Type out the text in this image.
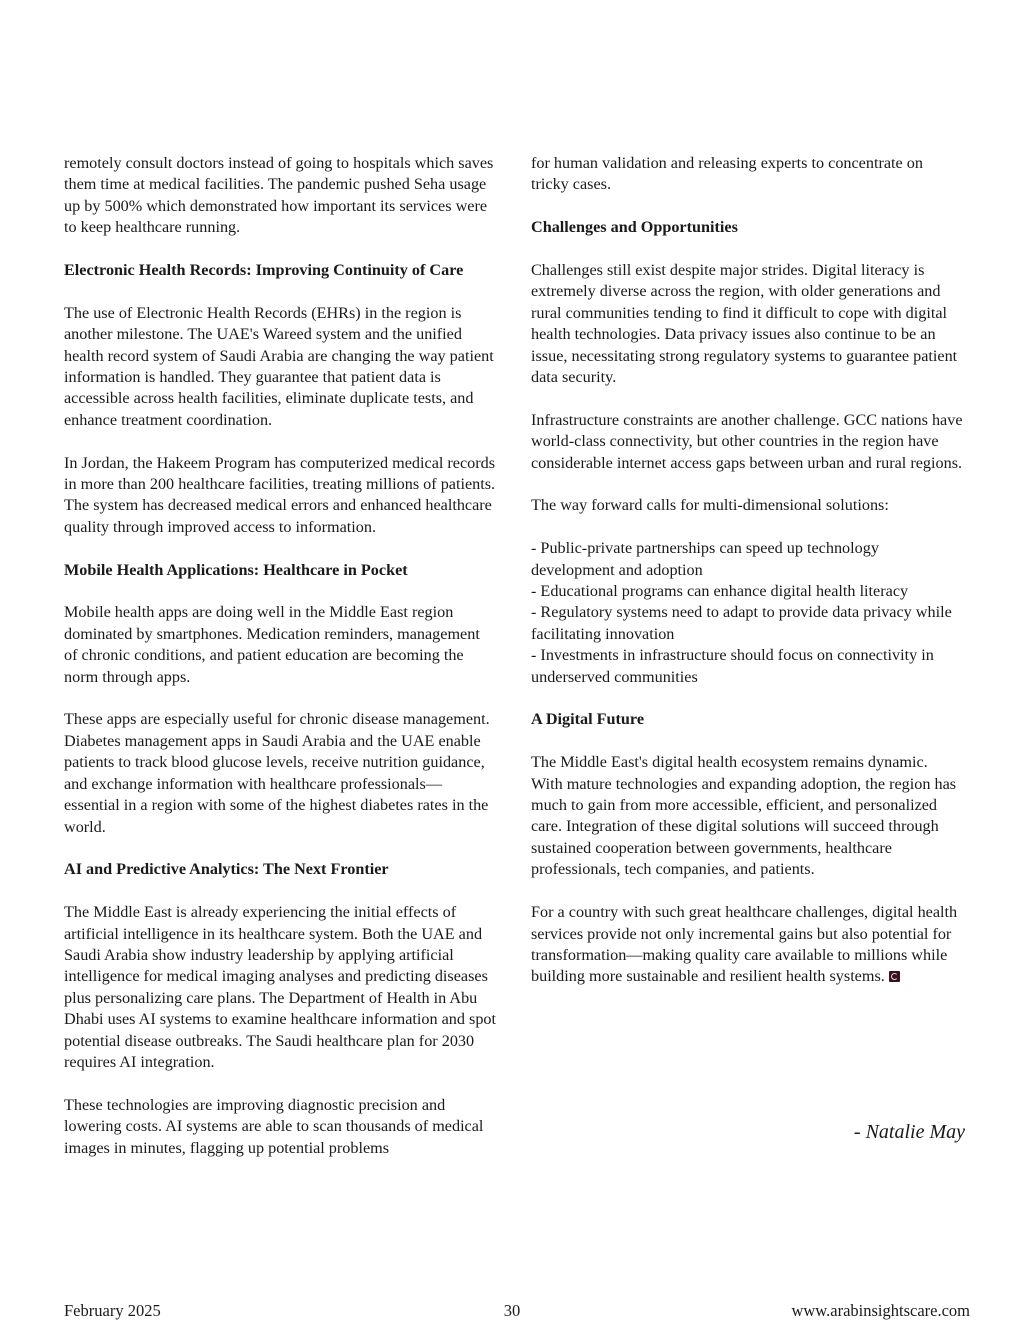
remotely consult doctors instead of going to hospitals which saves them time at medical facilities. The pandemic pushed Seha usage up by 500% which demonstrated how important its services were to keep healthcare running.

Electronic Health Records: Improving Continuity of Care

The use of Electronic Health Records (EHRs) in the region is another milestone. The UAE's Wareed system and the unified health record system of Saudi Arabia are changing the way patient information is handled. They guarantee that patient data is accessible across health facilities, eliminate duplicate tests, and enhance treatment coordination.

In Jordan, the Hakeem Program has computerized medical records in more than 200 healthcare facilities, treating millions of patients. The system has decreased medical errors and enhanced healthcare quality through improved access to information.

Mobile Health Applications: Healthcare in Pocket

Mobile health apps are doing well in the Middle East region dominated by smartphones. Medication reminders, management of chronic conditions, and patient education are becoming the norm through apps.

These apps are especially useful for chronic disease management. Diabetes management apps in Saudi Arabia and the UAE enable patients to track blood glucose levels, receive nutrition guidance, and exchange information with healthcare professionals—essential in a region with some of the highest diabetes rates in the world.

AI and Predictive Analytics: The Next Frontier

The Middle East is already experiencing the initial effects of artificial intelligence in its healthcare system. Both the UAE and Saudi Arabia show industry leadership by applying artificial intelligence for medical imaging analyses and predicting diseases plus personalizing care plans. The Department of Health in Abu Dhabi uses AI systems to examine healthcare information and spot potential disease outbreaks. The Saudi healthcare plan for 2030 requires AI integration.

These technologies are improving diagnostic precision and lowering costs. AI systems are able to scan thousands of medical images in minutes, flagging up potential problems

for human validation and releasing experts to concentrate on tricky cases.

Challenges and Opportunities

Challenges still exist despite major strides. Digital literacy is extremely diverse across the region, with older generations and rural communities tending to find it difficult to cope with digital health technologies. Data privacy issues also continue to be an issue, necessitating strong regulatory systems to guarantee patient data security.

Infrastructure constraints are another challenge. GCC nations have world-class connectivity, but other countries in the region have considerable internet access gaps between urban and rural regions.

The way forward calls for multi-dimensional solutions:

- Public-private partnerships can speed up technology development and adoption
- Educational programs can enhance digital health literacy
- Regulatory systems need to adapt to provide data privacy while facilitating innovation
- Investments in infrastructure should focus on connectivity in underserved communities
A Digital Future

The Middle East's digital health ecosystem remains dynamic. With mature technologies and expanding adoption, the region has much to gain from more accessible, efficient, and personalized care. Integration of these digital solutions will succeed through sustained cooperation between governments, healthcare professionals, tech companies, and patients.

For a country with such great healthcare challenges, digital health services provide not only incremental gains but also potential for transformation—making quality care available to millions while building more sustainable and resilient health systems.

- Natalie May
February 2025	30	www.arabinsightscare.com
